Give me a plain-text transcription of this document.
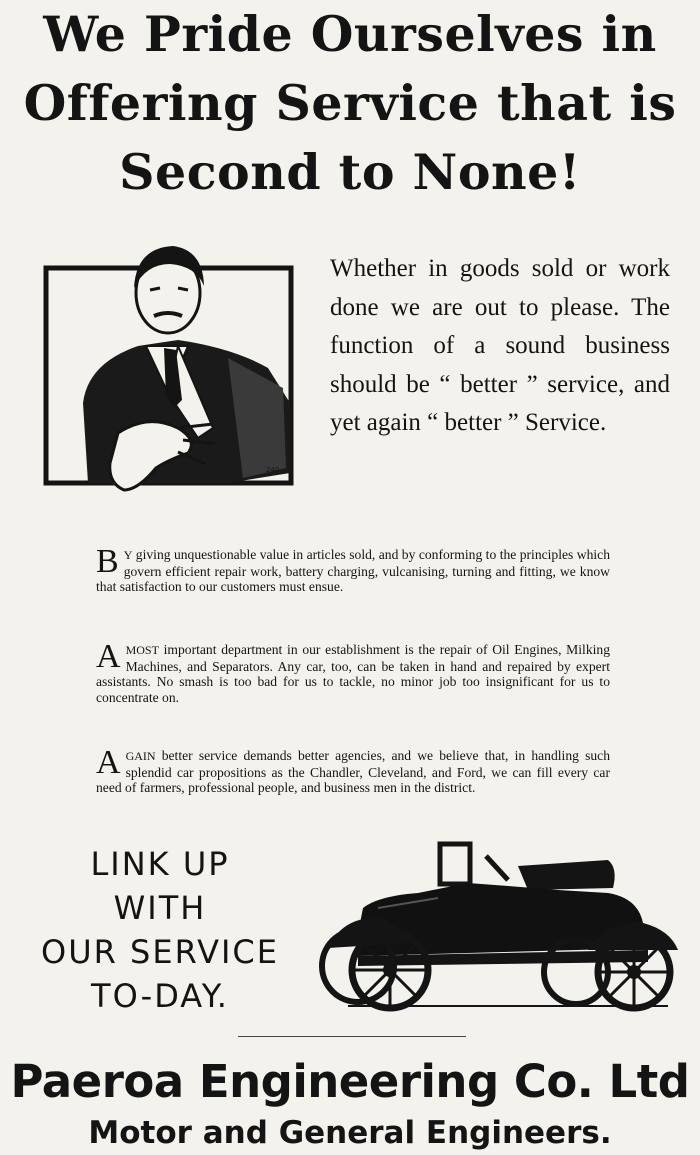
We Pride Ourselves in
Offering Service that is
Second to None!
240
Whether in goods sold or work done we are out to please. The function of a sound business should be “ better ” service, and yet again “ better ” Service.
B Y giving unquestionable value in articles sold, and by conforming to the principles which govern efficient repair work, battery charging, vulcanising, turning and fitting, we know that satisfaction to our customers must ensue.
A MOST important department in our establishment is the repair of Oil Engines, Milking Machines, and Separators. Any car, too, can be taken in hand and repaired by expert assistants. No smash is too bad for us to tackle, no minor job too insignificant for us to concentrate on.
AGAIN better service demands better agencies, and we believe that, in handling such splendid car propositions as the Chandler, Cleveland, and Ford, we can fill every car need of farmers, professional people, and business men in the district.
LINK UP
WITH
OUR SERVICE
TO-DAY.
Paeroa Engineering Co. Ltd
Motor and General Engineers.
